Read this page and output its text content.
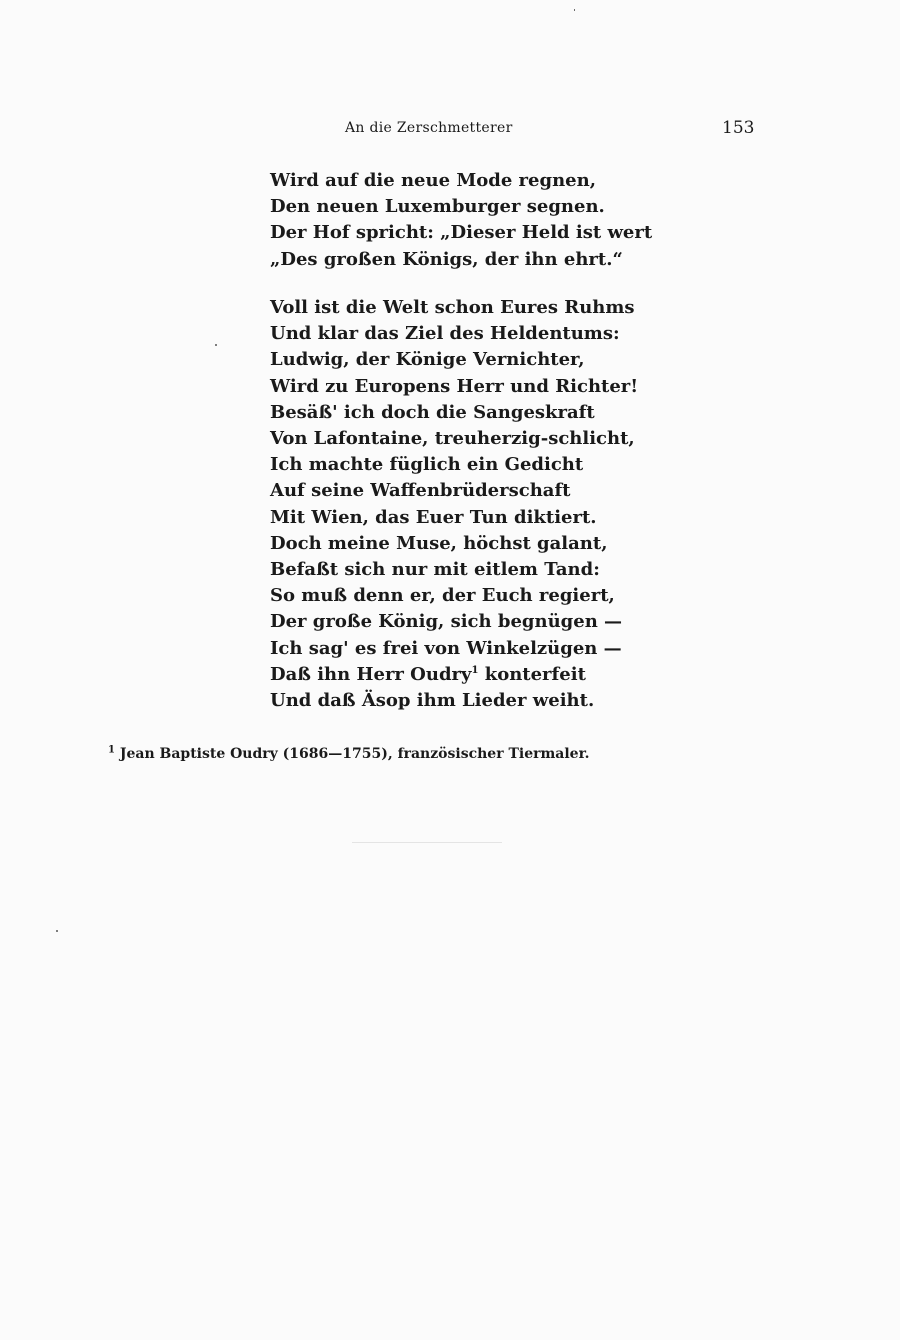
An die Zerschmetterer	153
Wird auf die neue Mode regnen,
Den neuen Luxemburger segnen.
Der Hof spricht: „Dieser Held ist wert
„Des großen Königs, der ihn ehrt.“
Voll ist die Welt schon Eures Ruhms
Und klar das Ziel des Heldentums:
Ludwig, der Könige Vernichter,
Wird zu Europens Herr und Richter!
Besäß' ich doch die Sangeskraft
Von Lafontaine, treuherzig-schlicht,
Ich machte füglich ein Gedicht
Auf seine Waffenbrüderschaft
Mit Wien, das Euer Tun diktiert.
Doch meine Muse, höchst galant,
Befaßt sich nur mit eitlem Tand:
So muß denn er, der Euch regiert,
Der große König, sich begnügen —
Ich sag' es frei von Winkelzügen —
Daß ihn Herr Oudry$^1$ konterfeit
Und daß Äsop ihm Lieder weiht.
$^1$ Jean Baptiste Oudry (1686—1755), französischer Tiermaler.
